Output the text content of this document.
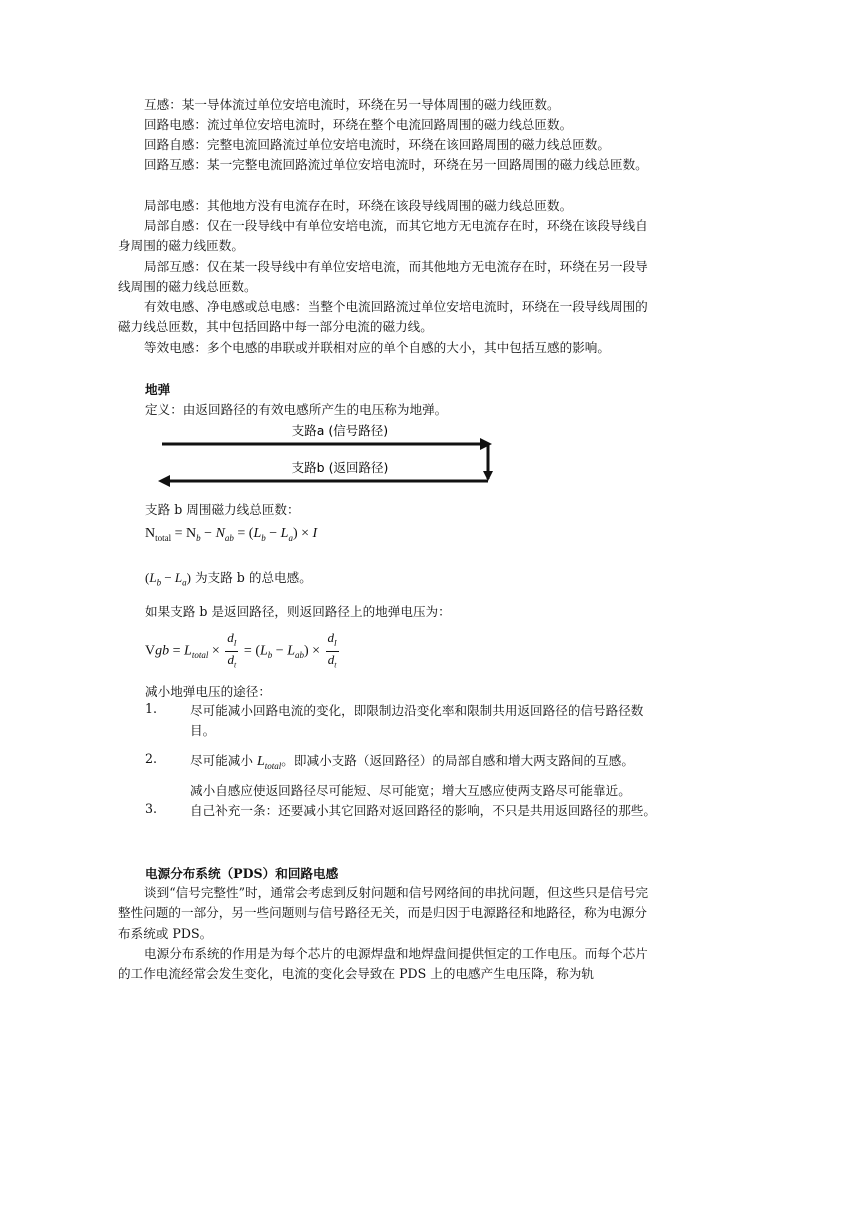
互感：某一导体流过单位安培电流时，环绕在另一导体周围的磁力线匝数。

回路电感：流过单位安培电流时，环绕在整个电流回路周围的磁力线总匝数。

回路自感：完整电流回路流过单位安培电流时，环绕在该回路周围的磁力线总匝数。

回路互感：某一完整电流回路流过单位安培电流时，环绕在另一回路周围的磁力线总匝数。

局部电感：其他地方没有电流存在时，环绕在该段导线周围的磁力线总匝数。

局部自感：仅在一段导线中有单位安培电流，而其它地方无电流存在时，环绕在该段导线自身周围的磁力线匝数。

局部互感：仅在某一段导线中有单位安培电流，而其他地方无电流存在时，环绕在另一段导线周围的磁力线总匝数。

有效电感、净电感或总电感：当整个电流回路流过单位安培电流时，环绕在一段导线周围的磁力线总匝数，其中包括回路中每一部分电流的磁力线。

等效电感：多个电感的串联或并联相对应的单个自感的大小，其中包括互感的影响。

地弹

定义：由返回路径的有效电感所产生的电压称为地弹。

支路a (信号路径)
支路b (返回路径)

支路 b 周围磁力线总匝数：

$N_{total} = N_b - N_{ab} = (L_b - L_a) \times I$
$(L_b - L_a)$ 为支路 b 的总电感。

如果支路 b 是返回路径，则返回路径上的地弹电压为：

Vgb = $L_{total} \times \frac{d_I}{d_t} = (L_b - L_{ab}) \times \frac{d_I}{d_t}$

减小地弹电压的途径：

1.	尽可能减小回路电流的变化，即限制边沿变化率和限制共用返回路径的信号路径数目。

2.	尽可能减小 $L_{total}$。即减小支路（返回路径）的局部自感和增大两支路间的互感。

减小自感应使返回路径尽可能短、尽可能宽；增大互感应使两支路尽可能靠近。

3.	自己补充一条：还要减小其它回路对返回路径的影响，不只是共用返回路径的那些。

电源分布系统（PDS）和回路电感

谈到“信号完整性”时，通常会考虑到反射问题和信号网络间的串扰问题，但这些只是信号完整性问题的一部分，另一些问题则与信号路径无关，而是归因于电源路径和地路径，称为电源分布系统或 PDS。

电源分布系统的作用是为每个芯片的电源焊盘和地焊盘间提供恒定的工作电压。而每个芯片的工作电流经常会发生变化，电流的变化会导致在 PDS 上的电感产生电压降，称为轨
